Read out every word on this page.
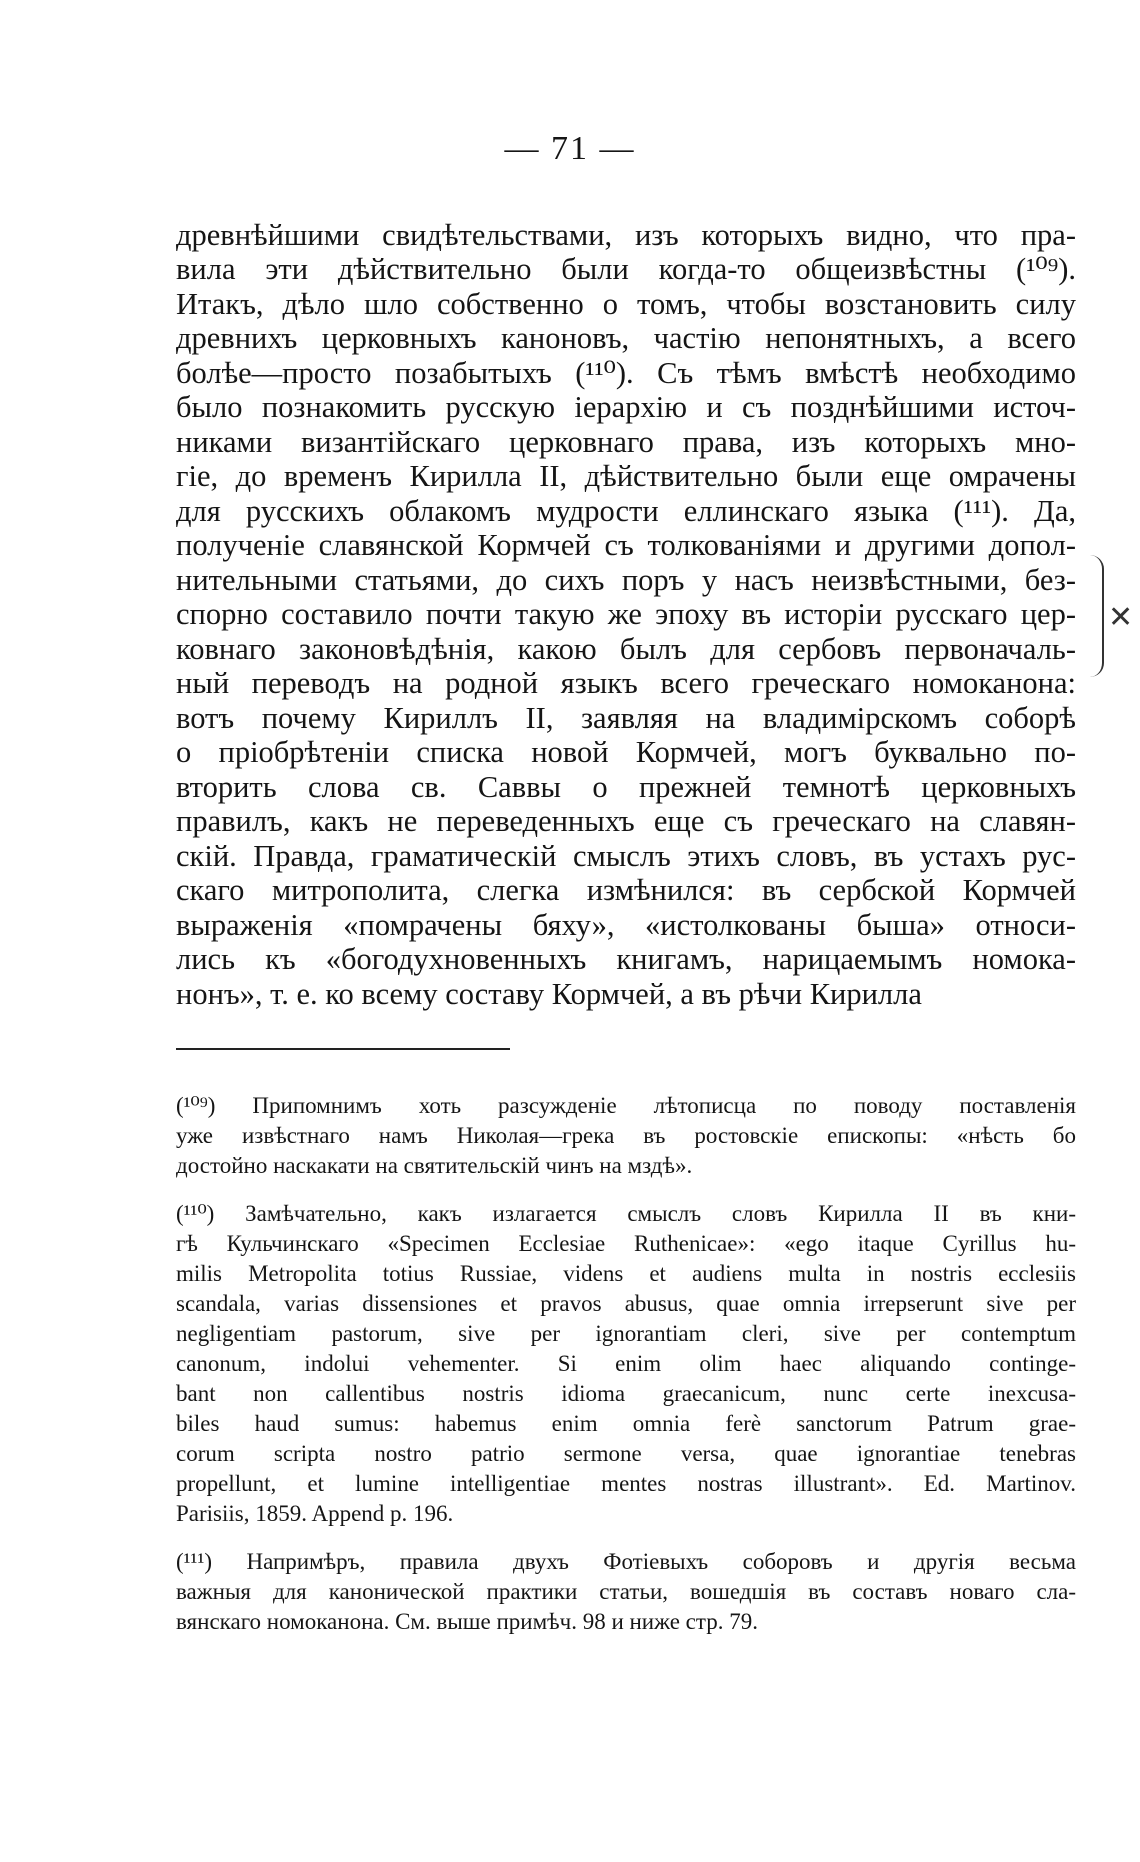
— 71 —
древнѣйшими свидѣтельствами, изъ которыхъ видно, что пра-
вила эти дѣйствительно были когда-то общеизвѣстны (¹⁰⁹).
Итакъ, дѣло шло собственно о томъ, чтобы возстановить силу
древнихъ церковныхъ каноновъ, частію непонятныхъ, а всего
болѣе—просто позабытыхъ (¹¹⁰). Съ тѣмъ вмѣстѣ необходимо
было познакомить русскую іерархію и съ позднѣйшими источ-
никами византійскаго церковнаго права, изъ которыхъ мно-
гіе, до временъ Кирилла II, дѣйствительно были еще омрачены
для русскихъ облакомъ мудрости еллинскаго языка (¹¹¹). Да,
полученіе славянской Кормчей съ толкованіями и другими допол-
нительными статьями, до сихъ поръ у насъ неизвѣстными, без-
спорно составило почти такую же эпоху въ исторіи русскаго цер-
ковнаго законовѣдѣнія, какою былъ для сербовъ первоначаль-
ный переводъ на родной языкъ всего греческаго номоканона:
вотъ почему Кириллъ II, заявляя на владимірскомъ соборѣ
о пріобрѣтеніи списка новой Кормчей, могъ буквально по-
вторить слова св. Саввы о прежней темнотѣ церковныхъ
правилъ, какъ не переведенныхъ еще съ греческаго на славян-
скій. Правда, граматическій смыслъ этихъ словъ, въ устахъ рус-
скаго митрополита, слегка измѣнился: въ сербской Кормчей
выраженія «помрачены бяху», «истолкованы быша» относи-
лись къ «богодухновенныхъ книгамъ, нарицаемымъ номока-
нонъ», т. е. ко всему составу Кормчей, а въ рѣчи Кирилла
✕
(¹⁰⁹) Припомнимъ хоть разсужденіе лѣтописца по поводу поставленія
уже извѣстнаго намъ Николая—грека въ ростовскіе епископы: «нѣсть бо
достойно наскакати на святительскій чинъ на мздѣ».
(¹¹⁰) Замѣчательно, какъ излагается смыслъ словъ Кирилла II въ кни-
гѣ Кульчинскаго «Specimen Ecclesiae Ruthenicae»: «ego itaque Cyrillus hu-
milis Metropolita totius Russiae, videns et audiens multa in nostris ecclesiis
scandala, varias dissensiones et pravos abusus, quae omnia irrepserunt sive per
negligentiam pastorum, sive per ignorantiam cleri, sive per contemptum
canonum, indolui vehementer. Si enim olim haec aliquando continge-
bant non callentibus nostris idioma graecanicum, nunc certe inexcusa-
biles haud sumus: habemus enim omnia ferè sanctorum Patrum grae-
corum scripta nostro patrio sermone versa, quae ignorantiae tenebras
propellunt, et lumine intelligentiae mentes nostras illustrant». Ed. Martinov.
Parisiis, 1859. Append p. 196.
(¹¹¹) Напримѣръ, правила двухъ Фотіевыхъ соборовъ и другія весьма
важныя для канонической практики статьи, вошедшія въ составъ новаго сла-
вянскаго номоканона. См. выше примѣч. 98 и ниже стр. 79.
